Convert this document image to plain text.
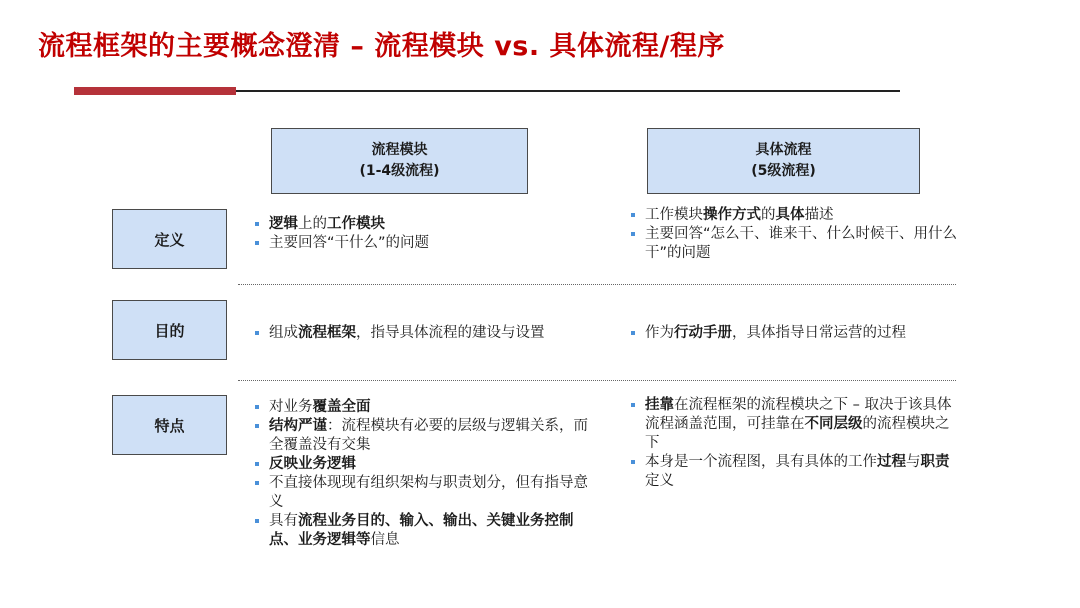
流程框架的主要概念澄清 – 流程模块 vs. 具体流程/程序
流程模块
(1-4级流程)
具体流程
(5级流程)
定义
目的
特点
逻辑上的工作模块
主要回答“干什么”的问题
工作模块操作方式的具体描述
主要回答“怎么干、谁来干、什么时候干、用什么干”的问题
组成流程框架，指导具体流程的建设与设置	作为行动手册，具体指导日常运营的过程
对业务覆盖全面
结构严谨：流程模块有必要的层级与逻辑关系，而全覆盖没有交集
反映业务逻辑
不直接体现现有组织架构与职责划分，但有指导意义
具有流程业务目的、输入、输出、关键业务控制点、业务逻辑等信息
挂靠在流程框架的流程模块之下 – 取决于该具体流程涵盖范围，可挂靠在不同层级的流程模块之下
本身是一个流程图，具有具体的工作过程与职责定义
